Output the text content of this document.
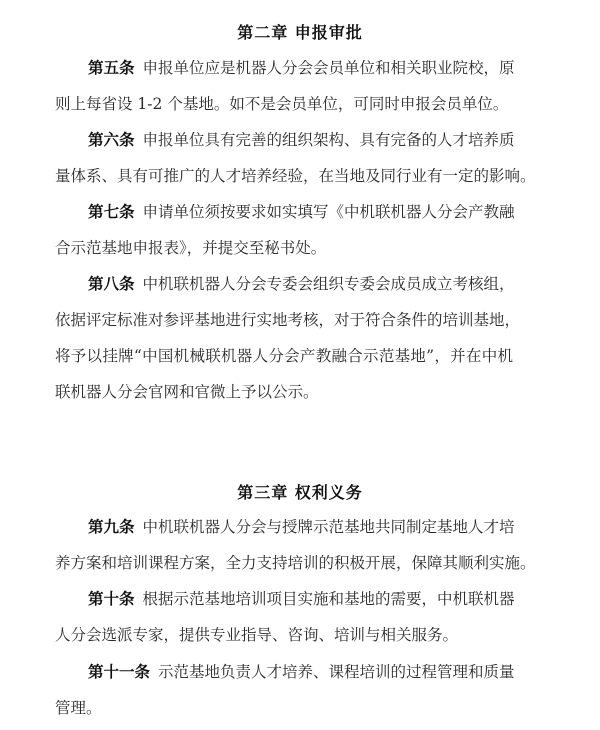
第二章 申报审批
第五条 申报单位应是机器人分会会员单位和相关职业院校，原
则上每省设 1-2 个基地。如不是会员单位，可同时申报会员单位。
第六条 申报单位具有完善的组织架构、具有完备的人才培养质
量体系、具有可推广的人才培养经验，在当地及同行业有一定的影响。
第七条 申请单位须按要求如实填写《中机联机器人分会产教融
合示范基地申报表》，并提交至秘书处。
第八条 中机联机器人分会专委会组织专委会成员成立考核组，
依据评定标准对参评基地进行实地考核，对于符合条件的培训基地，
将予以挂牌“中国机械联机器人分会产教融合示范基地”，并在中机
联机器人分会官网和官微上予以公示。
第三章 权利义务
第九条 中机联机器人分会与授牌示范基地共同制定基地人才培
养方案和培训课程方案，全力支持培训的积极开展，保障其顺利实施。
第十条 根据示范基地培训项目实施和基地的需要，中机联机器
人分会选派专家，提供专业指导、咨询、培训与相关服务。
第十一条 示范基地负责人才培养、课程培训的过程管理和质量
管理。
